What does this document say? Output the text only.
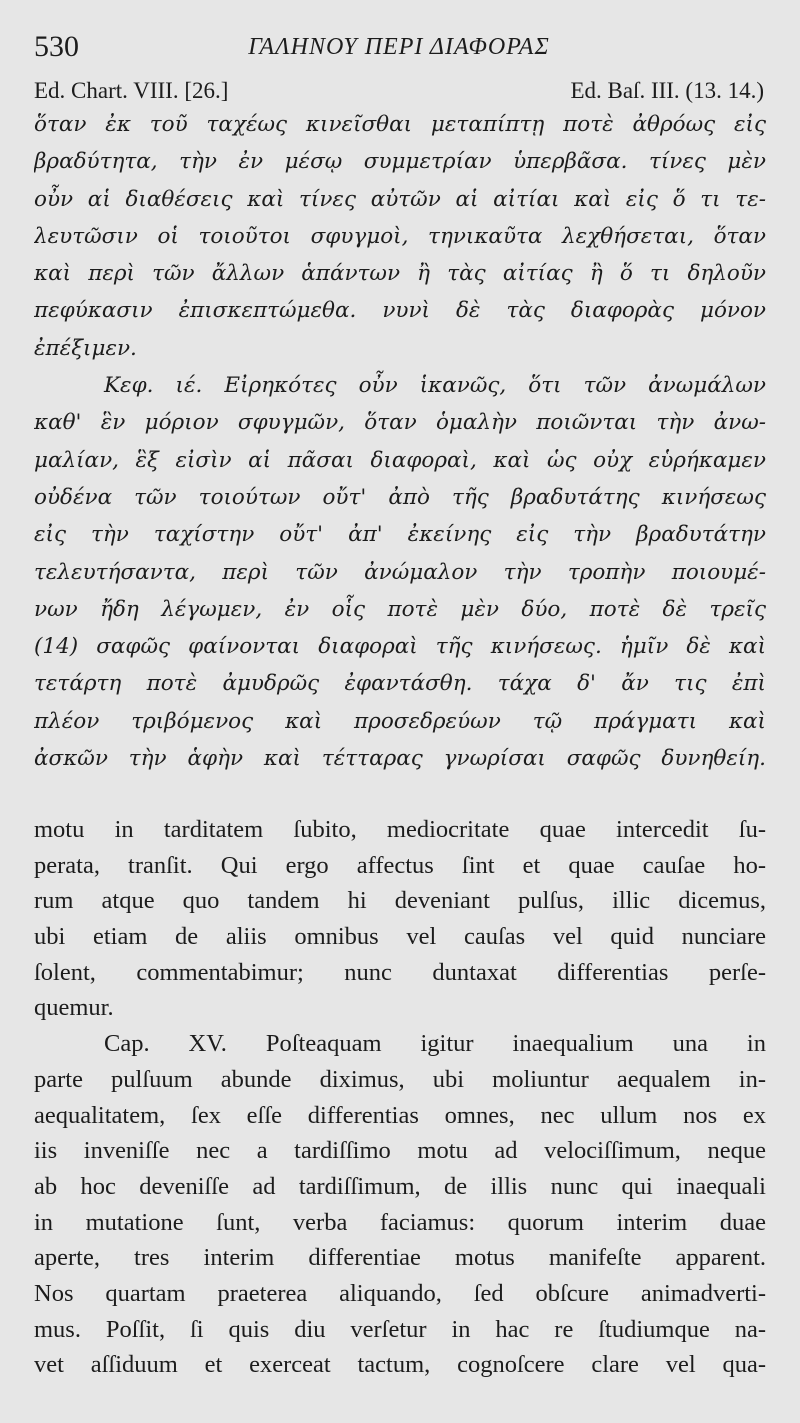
530	ΓΑΛΗΝΟΥ ΠΕΡΙ ΔΙΑΦΟΡΑΣ
Ed. Chart. VIII. [26.]	Ed. Baſ. III. (13. 14.)
ὅταν ἐκ τοῦ ταχέως κινεῖσθαι μεταπίπτῃ ποτὲ ἀθρόως εἰς
βραδύτητα, τὴν ἐν μέσῳ συμμετρίαν ὑπερβᾶσα. τίνες μὲν
οὖν αἱ διαθέσεις καὶ τίνες αὐτῶν αἱ αἰτίαι καὶ εἰς ὅ τι τε-
λευτῶσιν οἱ τοιοῦτοι σφυγμοὶ, τηνικαῦτα λεχθήσεται, ὅταν
καὶ περὶ τῶν ἄλλων ἁπάντων ἢ τὰς αἰτίας ἢ ὅ τι δηλοῦν
πεφύκασιν ἐπισκεπτώμεθα. νυνὶ δὲ τὰς διαφορὰς μόνον
ἐπέξιμεν.
Κεφ. ιέ. Εἰρηκότες οὖν ἱκανῶς, ὅτι τῶν ἀνωμάλων
καθ' ἓν μόριον σφυγμῶν, ὅταν ὁμαλὴν ποιῶνται τὴν ἀνω-
μαλίαν, ἓξ εἰσὶν αἱ πᾶσαι διαφοραὶ, καὶ ὡς οὐχ εὑρήκαμεν
οὐδένα τῶν τοιούτων οὔτ' ἀπὸ τῆς βραδυτάτης κινήσεως
εἰς τὴν ταχίστην οὔτ' ἀπ' ἐκείνης εἰς τὴν βραδυτάτην
τελευτήσαντα, περὶ τῶν ἀνώμαλον τὴν τροπὴν ποιουμέ-
νων ἤδη λέγωμεν, ἐν οἷς ποτὲ μὲν δύο, ποτὲ δὲ τρεῖς
(14) σαφῶς φαίνονται διαφοραὶ τῆς κινήσεως. ἡμῖν δὲ καὶ
τετάρτη ποτὲ ἀμυδρῶς ἐφαντάσθη. τάχα δ' ἄν τις ἐπὶ
πλέον τριβόμενος καὶ προσεδρεύων τῷ πράγματι καὶ
ἀσκῶν τὴν ἁφὴν καὶ τέτταρας γνωρίσαι σαφῶς δυνηθείη.
motu in tarditatem ſubito, mediocritate quae intercedit ſu-
perata, tranſit. Qui ergo affectus ſint et quae cauſae ho-
rum atque quo tandem hi deveniant pulſus, illic dicemus,
ubi etiam de aliis omnibus vel cauſas vel quid nunciare
ſolent, commentabimur; nunc duntaxat differentias perſe-
quemur.
Cap. XV. Poſteaquam igitur inaequalium una in
parte pulſuum abunde diximus, ubi moliuntur aequalem in-
aequalitatem, ſex eſſe differentias omnes, nec ullum nos ex
iis inveniſſe nec a tardiſſimo motu ad velociſſimum, neque
ab hoc deveniſſe ad tardiſſimum, de illis nunc qui inaequali
in mutatione ſunt, verba faciamus: quorum interim duae
aperte, tres interim differentiae motus manifeſte apparent.
Nos quartam praeterea aliquando, ſed obſcure animadverti-
mus. Poſſit, ſi quis diu verſetur in hac re ſtudiumque na-
vet aſſiduum et exerceat tactum, cognoſcere clare vel qua-
